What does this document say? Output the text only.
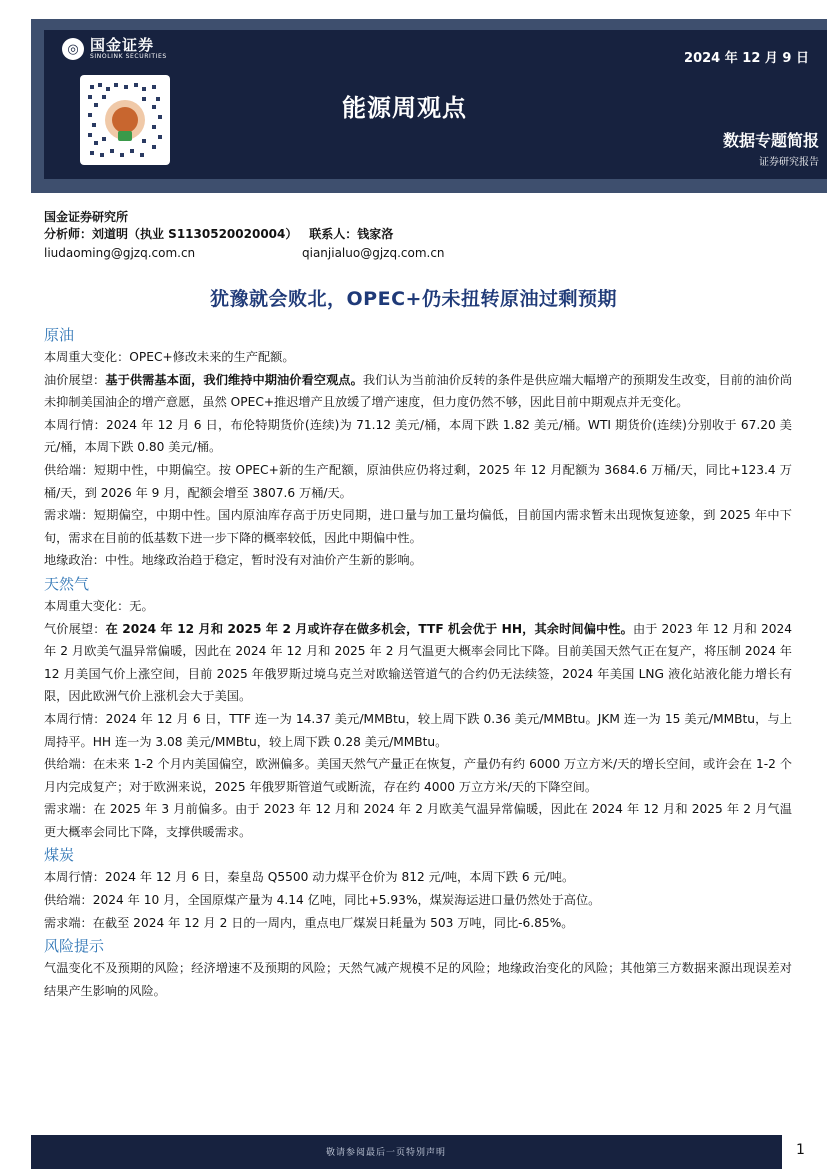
◎ 国金证券
SINOLINK SECURITIES	2024 年 12 月 9 日
能源周观点
数据专题简报
证券研究报告
国金证券研究所
分析师：刘道明（执业 S1130520020004） 联系人：钱家洛
liudaoming@gjzq.com.cn	qianjialuo@gjzq.com.cn
犹豫就会败北，OPEC+仍未扭转原油过剩预期
原油

本周重大变化：OPEC+修改未来的生产配额。

油价展望：基于供需基本面，我们维持中期油价看空观点。我们认为当前油价反转的条件是供应端大幅增产的预期发生改变，目前的油价尚未抑制美国油企的增产意愿，虽然 OPEC+推迟增产且放缓了增产速度，但力度仍然不够，因此目前中期观点并无变化。

本周行情：2024 年 12 月 6 日，布伦特期货价(连续)为 71.12 美元/桶，本周下跌 1.82 美元/桶。WTI 期货价(连续)分别收于 67.20 美元/桶，本周下跌 0.80 美元/桶。

供给端：短期中性，中期偏空。按 OPEC+新的生产配额，原油供应仍将过剩，2025 年 12 月配额为 3684.6 万桶/天，同比+123.4 万桶/天，到 2026 年 9 月，配额会增至 3807.6 万桶/天。

需求端：短期偏空，中期中性。国内原油库存高于历史同期，进口量与加工量均偏低，目前国内需求暂未出现恢复迹象，到 2025 年中下旬，需求在目前的低基数下进一步下降的概率较低，因此中期偏中性。

地缘政治：中性。地缘政治趋于稳定，暂时没有对油价产生新的影响。

天然气

本周重大变化：无。

气价展望：在 2024 年 12 月和 2025 年 2 月或许存在做多机会，TTF 机会优于 HH，其余时间偏中性。由于 2023 年 12 月和 2024 年 2 月欧美气温异常偏暖，因此在 2024 年 12 月和 2025 年 2 月气温更大概率会同比下降。目前美国天然气正在复产，将压制 2024 年 12 月美国气价上涨空间，目前 2025 年俄罗斯过境乌克兰对欧输送管道气的合约仍无法续签，2024 年美国 LNG 液化站液化能力增长有限，因此欧洲气价上涨机会大于美国。

本周行情：2024 年 12 月 6 日，TTF 连一为 14.37 美元/MMBtu，较上周下跌 0.36 美元/MMBtu。JKM 连一为 15 美元/MMBtu，与上周持平。HH 连一为 3.08 美元/MMBtu，较上周下跌 0.28 美元/MMBtu。

供给端：在未来 1-2 个月内美国偏空，欧洲偏多。美国天然气产量正在恢复，产量仍有约 6000 万立方米/天的增长空间，或许会在 1-2 个月内完成复产；对于欧洲来说，2025 年俄罗斯管道气或断流，存在约 4000 万立方米/天的下降空间。

需求端：在 2025 年 3 月前偏多。由于 2023 年 12 月和 2024 年 2 月欧美气温异常偏暖，因此在 2024 年 12 月和 2025 年 2 月气温更大概率会同比下降，支撑供暖需求。

煤炭

本周行情：2024 年 12 月 6 日，秦皇岛 Q5500 动力煤平仓价为 812 元/吨，本周下跌 6 元/吨。

供给端：2024 年 10 月，全国原煤产量为 4.14 亿吨，同比+5.93%，煤炭海运进口量仍然处于高位。

需求端：在截至 2024 年 12 月 2 日的一周内，重点电厂煤炭日耗量为 503 万吨，同比-6.85%。

风险提示

气温变化不及预期的风险；经济增速不及预期的风险；天然气减产规模不足的风险；地缘政治变化的风险；其他第三方数据来源出现误差对结果产生影响的风险。

敬请参阅最后一页特别声明	1
